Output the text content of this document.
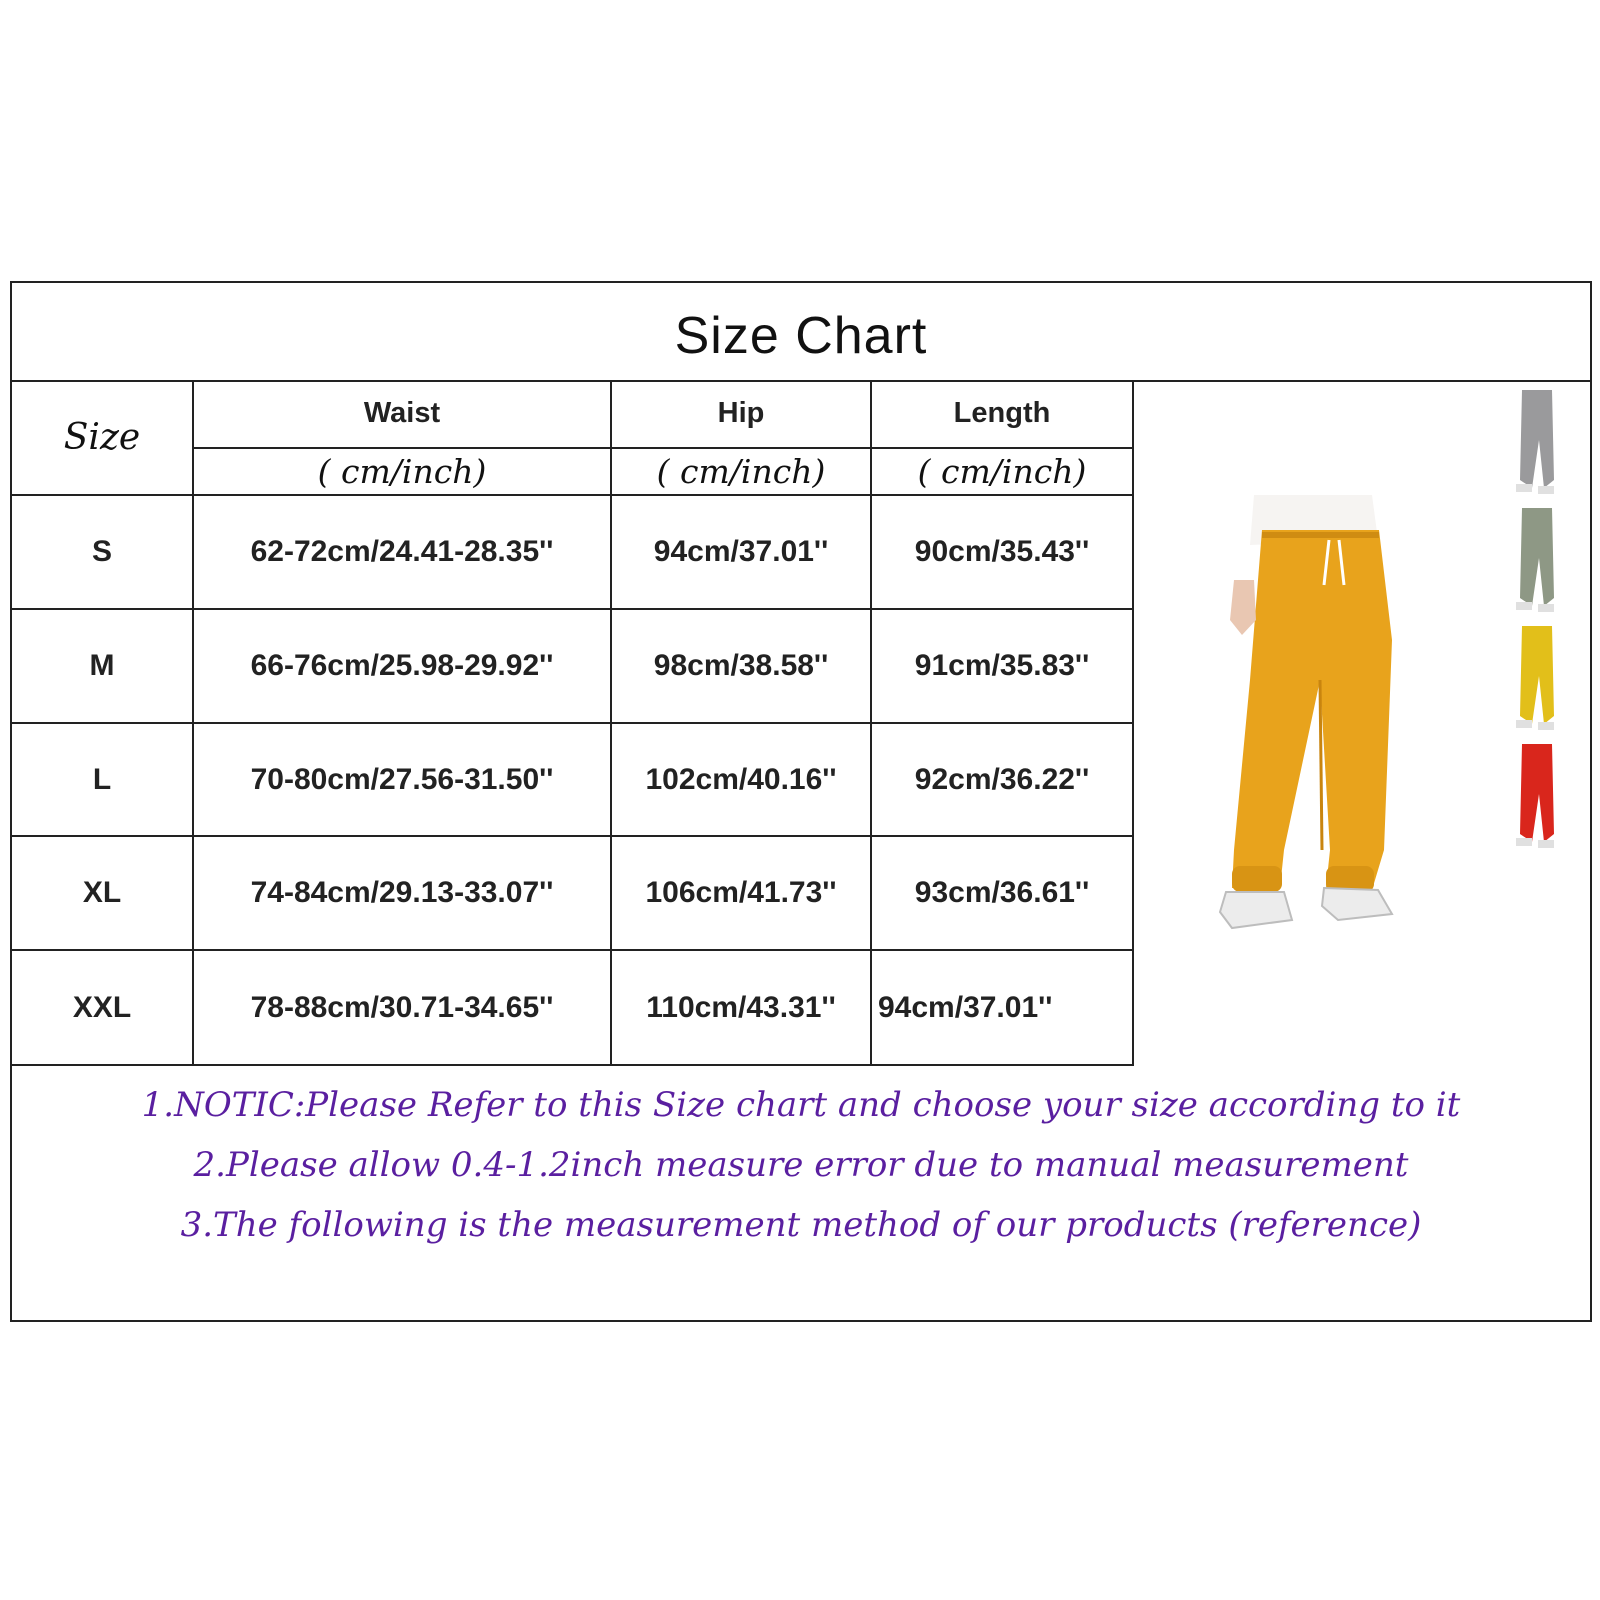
Size Chart
Size
Waist	Hip	Length
( cm/inch)	( cm/inch)	( cm/inch)
S	62-72cm/24.41-28.35''	94cm/37.01''	90cm/35.43''
M	66-76cm/25.98-29.92''	98cm/38.58''	91cm/35.83''
L	70-80cm/27.56-31.50''	102cm/40.16''	92cm/36.22''
XL	74-84cm/29.13-33.07''	106cm/41.73''	93cm/36.61''
XXL	78-88cm/30.71-34.65''	110cm/43.31''	94cm/37.01''
1.NOTIC:Please Refer to this Size chart and choose your size according to it
2.Please allow 0.4-1.2inch measure error due to manual measurement
3.The following is the measurement method of our products (reference)
